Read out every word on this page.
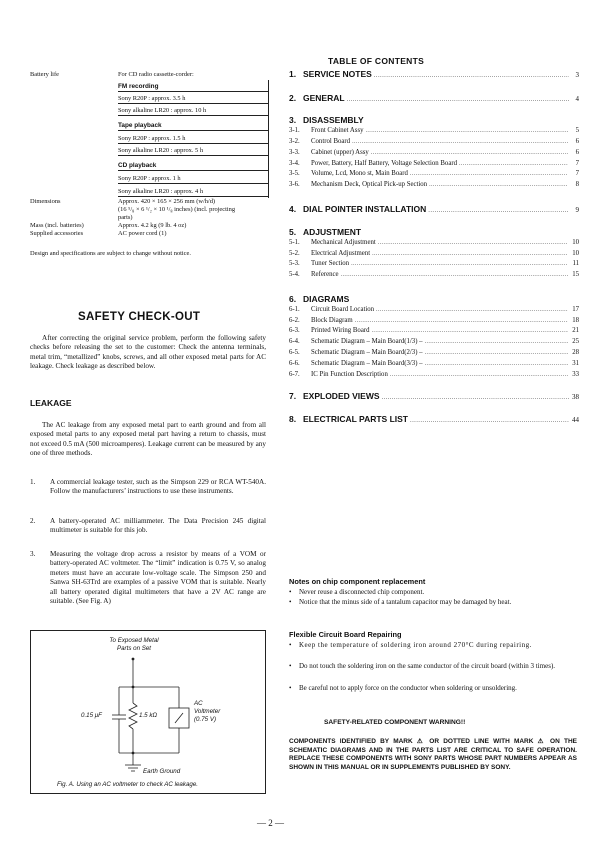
Battery life	For CD radio cassette-corder:
FM recording
Sony R20P : approx. 3.5 h
Sony alkaline LR20 : approx. 10 h
Tape playback
Sony R20P : approx. 1.5 h
Sony alkaline LR20 : approx. 5 h
CD playback
Sony R20P : approx. 1 h
Sony alkaline LR20 : approx. 4 h
Dimensions	Approx. 420 × 165 × 256 mm (w/h/d)
(16 ⁵/₈ × 6 ¹/₂ × 10 ¹/₈ inches) (incl. projecting
parts)
Mass (incl. batteries)	Approx. 4.2 kg (9 lb. 4 oz)
Supplied accessories	AC power cord (1)
Design and specifications are subject to change without notice.
SAFETY CHECK-OUT
After correcting the original service problem, perform the following safety checks before releasing the set to the customer: Check the antenna terminals, metal trim, “metallized” knobs, screws, and all other exposed metal parts for AC leakage. Check leakage as described below.
LEAKAGE
The AC leakage from any exposed metal part to earth ground and from all exposed metal parts to any exposed metal part having a return to chassis, must not exceed 0.5 mA (500 microamperes). Leakage current can be measured by any one of three methods.
1. A commercial leakage tester, such as the Simpson 229 or RCA WT-540A. Follow the manufacturers’ instructions to use these instruments.
2. A battery-operated AC milliammeter. The Data Precision 245 digital multimeter is suitable for this job.
3. Measuring the voltage drop across a resistor by means of a VOM or battery-operated AC voltmeter. The “limit” indication is 0.75 V, so analog meters must have an accurate low-voltage scale. The Simpson 250 and Sanwa SH-63Trd are examples of a passive VOM that is suitable. Nearly all battery operated digital multimeters that have a 2V AC range are suitable. (See Fig. A)
To Exposed Metal
Parts on Set
0.15 μF	1.5 kΩ
AC
Voltmeter
(0.75 V)
Earth Ground
Fig. A. Using an AC voltmeter to check AC leakage.
TABLE OF CONTENTS
1. SERVICE NOTES .....	3
2. GENERAL .....	4
3. DISASSEMBLY
3-1.	Front Cabinet Assy .....	5
3-2.	Control Board .....	6
3-3.	Cabinet (upper) Assy .....	6
3-4.	Power, Battery, Half Battery, Voltage Selection Board .....	7
3-5.	Volume, Lcd, Mono st, Main Board .....	7
3-6.	Mechanism Deck, Optical Pick-up Section .....	8
4. DIAL POINTER INSTALLATION .....	9
5. ADJUSTMENT
5-1.	Mechanical Adjustment .....	10
5-2.	Electrical Adjustment .....	10
5-3.	Tuner Section .....	11
5-4.	Reference .....	15
6. DIAGRAMS
6-1.	Circuit Board Location .....	17
6-2.	Block Diagram .....	18
6-3.	Printed Wiring Board .....	21
6-4.	Schematic Diagram – Main Board(1/3) – .....	25
6-5.	Schematic Diagram – Main Board(2/3) – .....	28
6-6.	Schematic Diagram – Main Board(3/3) – .....	31
6-7.	IC Pin Function Description .....	33
7. EXPLODED VIEWS .....	38
8. ELECTRICAL PARTS LIST .....	44
Notes on chip component replacement
• Never reuse a disconnected chip component.
• Notice that the minus side of a tantalum capacitor may be damaged by heat.
Flexible Circuit Board Repairing
• Keep the temperature of soldering iron around 270°C during repairing.
• Do not touch the soldering iron on the same conductor of the circuit board (within 3 times).
• Be careful not to apply force on the conductor when soldering or unsoldering.
SAFETY-RELATED COMPONENT WARNING!!
COMPONENTS IDENTIFIED BY MARK ⚠ OR DOTTED LINE WITH MARK ⚠ ON THE SCHEMATIC DIAGRAMS AND IN THE PARTS LIST ARE CRITICAL TO SAFE OPERATION. REPLACE THESE COMPONENTS WITH SONY PARTS WHOSE PART NUMBERS APPEAR AS SHOWN IN THIS MANUAL OR IN SUPPLEMENTS PUBLISHED BY SONY.
— 2 —
